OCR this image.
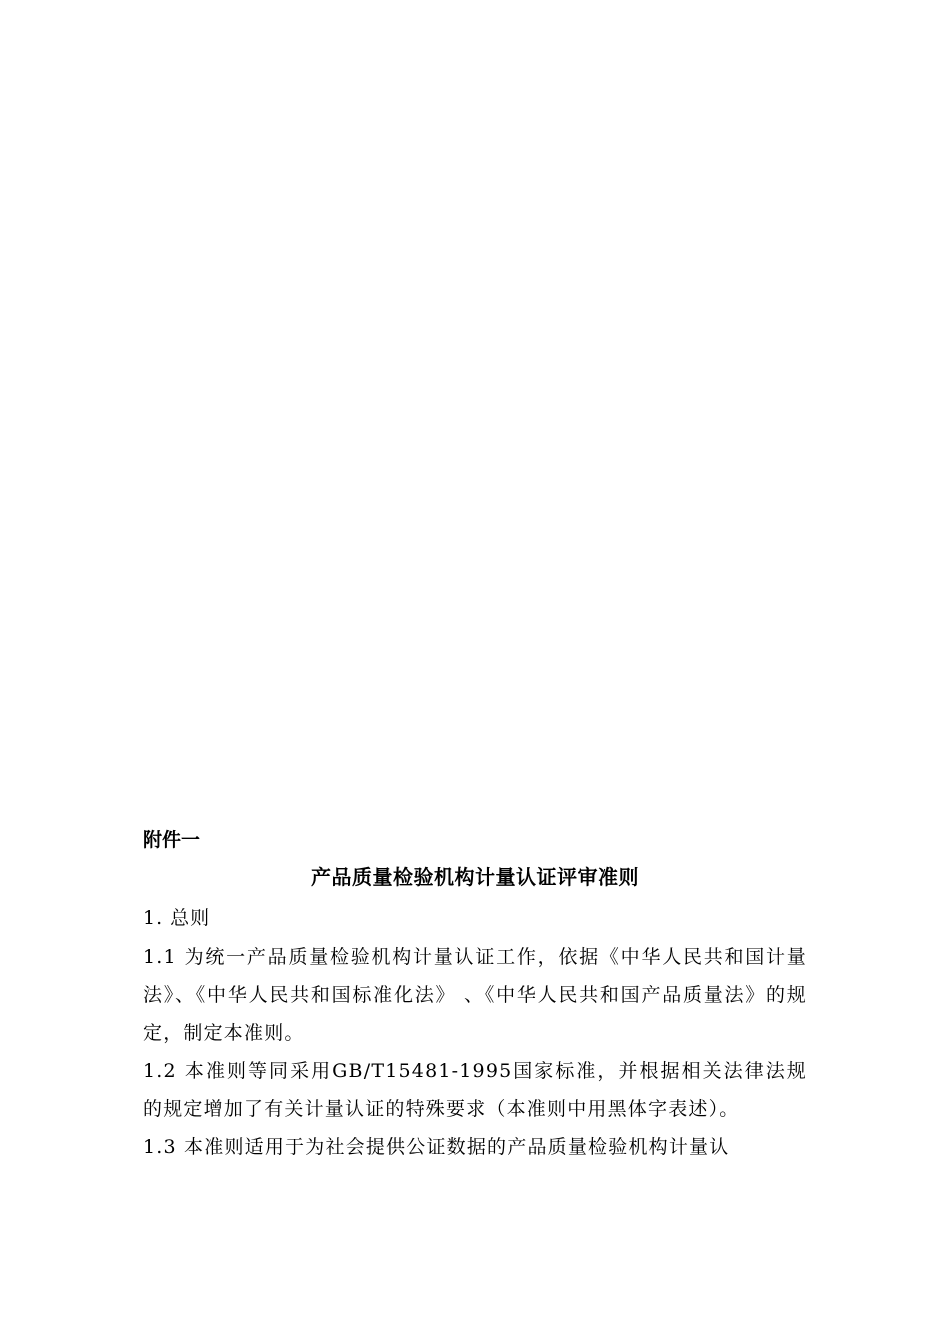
附件一
产品质量检验机构计量认证评审准则
1. 总则

1.1 为统一产品质量检验机构计量认证工作，依据《中华人民共和国计量法》、《中华人民共和国标准化法》 、《中华人民共和国产品质量法》的规定，制定本准则。

1.2 本准则等同采用GB/T15481-1995国家标准，并根据相关法律法规的规定增加了有关计量认证的特殊要求（本准则中用黑体字表述）。

1.3 本准则适用于为社会提供公证数据的产品质量检验机构计量认
